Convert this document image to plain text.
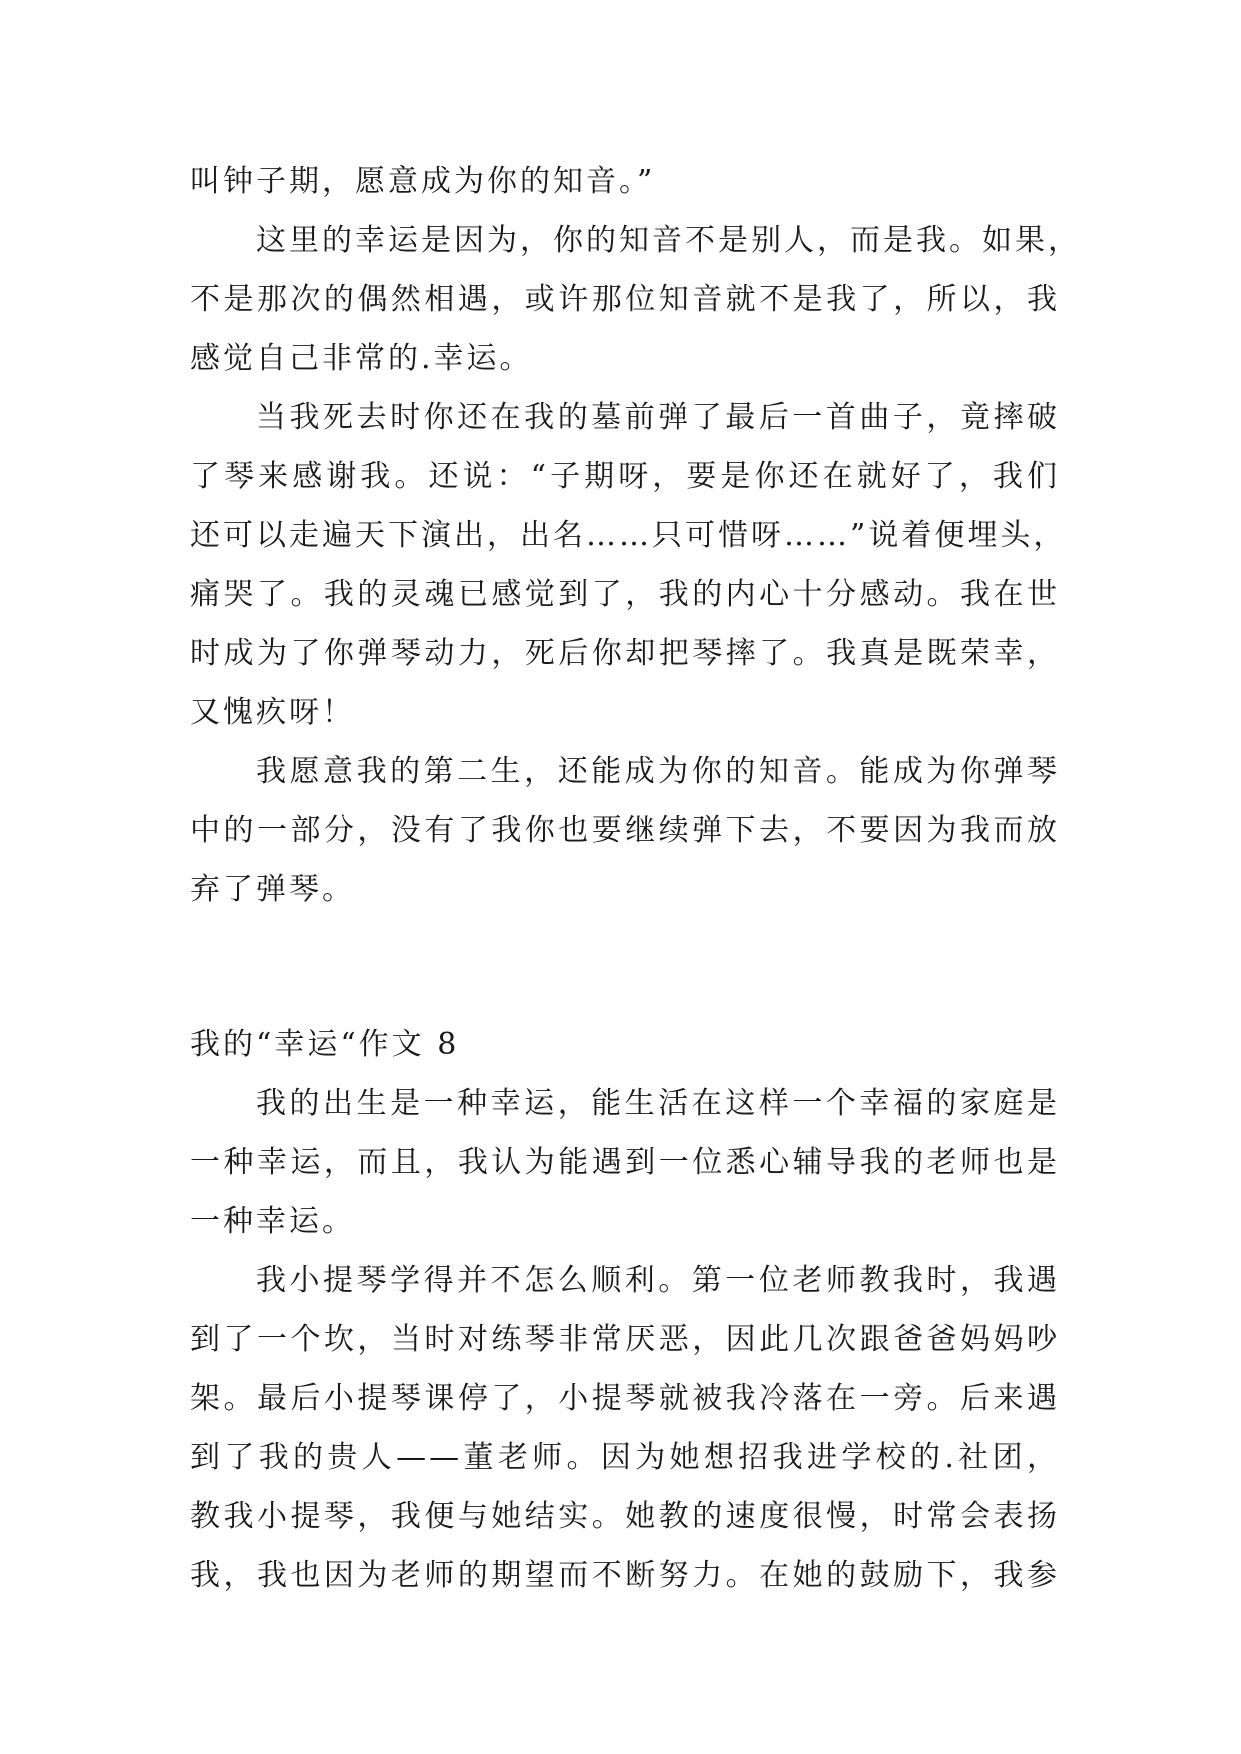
叫钟子期，愿意成为你的知音。”
这里的幸运是因为，你的知音不是别人，而是我。如果，
不是那次的偶然相遇，或许那位知音就不是我了，所以，我
感觉自己非常的.幸运。
当我死去时你还在我的墓前弹了最后一首曲子，竟摔破
了琴来感谢我。还说：“子期呀，要是你还在就好了，我们
还可以走遍天下演出，出名……只可惜呀……”说着便埋头，
痛哭了。我的灵魂已感觉到了，我的内心十分感动。我在世
时成为了你弹琴动力，死后你却把琴摔了。我真是既荣幸，
又愧疚呀！
我愿意我的第二生，还能成为你的知音。能成为你弹琴
中的一部分，没有了我你也要继续弹下去，不要因为我而放
弃了弹琴。
我的“幸运“作文 8
我的出生是一种幸运，能生活在这样一个幸福的家庭是
一种幸运，而且，我认为能遇到一位悉心辅导我的老师也是
一种幸运。
我小提琴学得并不怎么顺利。第一位老师教我时，我遇
到了一个坎，当时对练琴非常厌恶，因此几次跟爸爸妈妈吵
架。最后小提琴课停了，小提琴就被我冷落在一旁。后来遇
到了我的贵人——董老师。因为她想招我进学校的.社团，
教我小提琴，我便与她结实。她教的速度很慢，时常会表扬
我，我也因为老师的期望而不断努力。在她的鼓励下，我参
